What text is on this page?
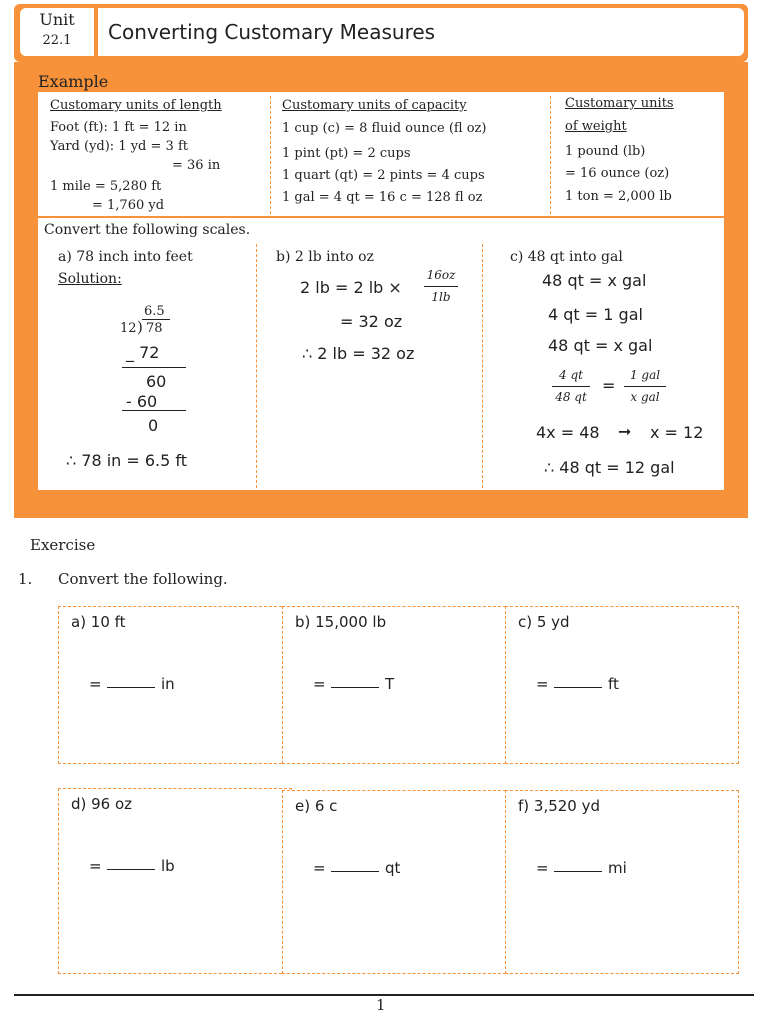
Unit
22.1	Converting Customary Measures
Example
Customary units of length
Foot (ft): 1 ft = 12 in
Yard (yd): 1 yd = 3 ft
= 36 in
1 mile = 5,280 ft
= 1,760 yd
Customary units of capacity
1 cup (c) = 8 fluid ounce (fl oz)
1 pint (pt) = 2 cups
1 quart (qt) = 2 pints = 4 cups
1 gal = 4 qt = 16 c = 128 fl oz
Customary units
of weight
1 pound (lb)
= 16 ounce (oz)
1 ton = 2,000 lb
Convert the following scales.
a) 78 inch into feet
Solution:
6.5
12 ) 78
_ 72
60
- 60
0
∴ 78 in = 6.5 ft
b) 2 lb into oz
2 lb = 2 lb ×
16oz
1lb
= 32 oz
∴ 2 lb = 32 oz
c) 48 qt into gal
48 qt = x gal
4 qt = 1 gal
48 qt = x gal
4 qt
48 qt
=
1 gal
x gal
4x = 48 ➞ x = 12
∴ 48 qt = 12 gal
Exercise
1. Convert the following.
a) 10 ft
=	in
b) 15,000 lb
=	T
c) 5 yd
=	ft
d) 96 oz
=	lb
e) 6 c
=	qt
f) 3,520 yd
=	mi
1
